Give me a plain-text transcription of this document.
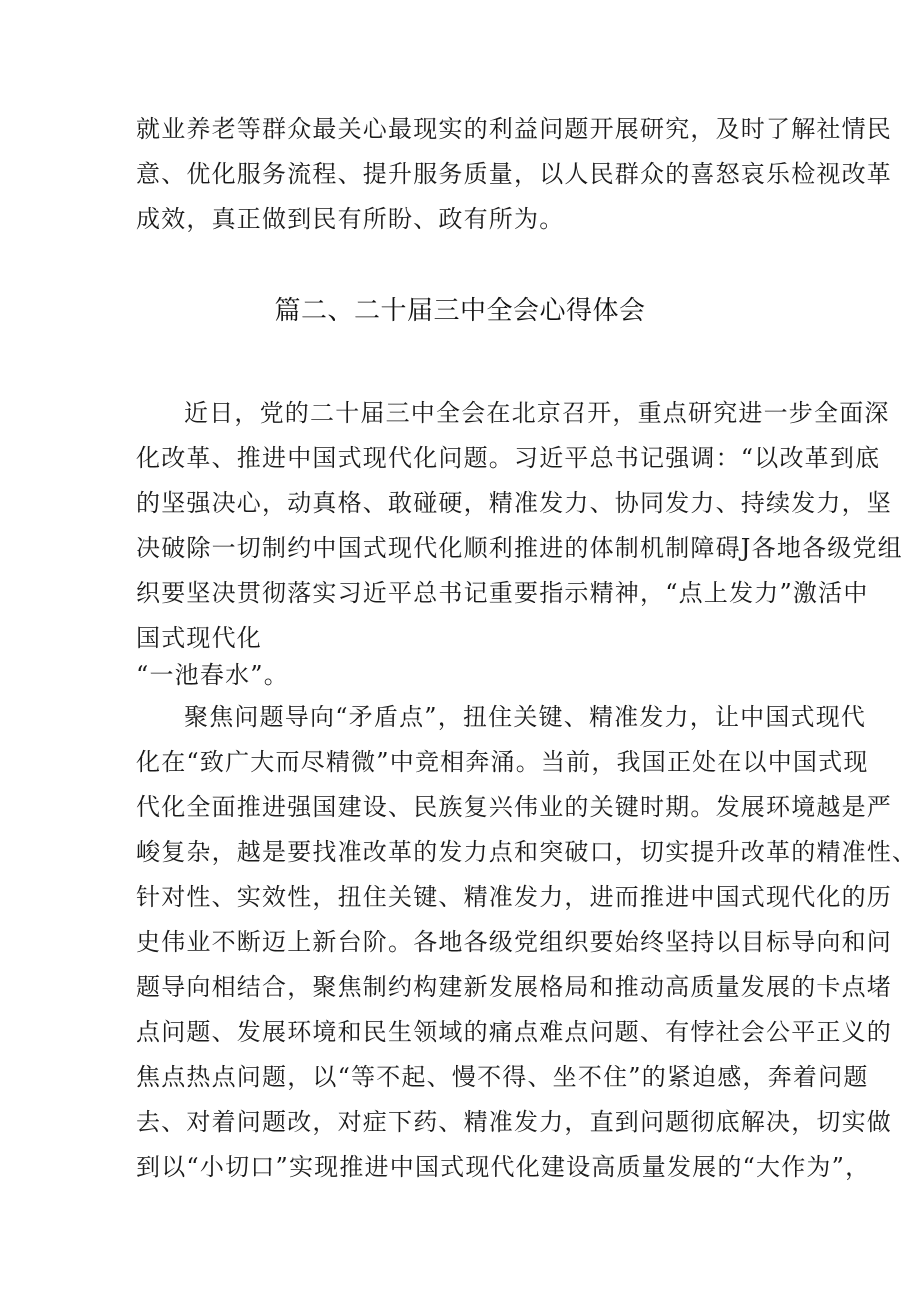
就业养老等群众最关心最现实的利益问题开展研究，及时了解社情民
意、优化服务流程、提升服务质量，以人民群众的喜怒哀乐检视改革
成效，真正做到民有所盼、政有所为。
篇二、二十届三中全会心得体会
近日，党的二十届三中全会在北京召开，重点研究进一步全面深
化改革、推进中国式现代化问题。习近平总书记强调：“以改革到底
的坚强决心，动真格、敢碰硬，精准发力、协同发力、持续发力，坚
决破除一切制约中国式现代化顺利推进的体制机制障碍J各地各级党组
织要坚决贯彻落实习近平总书记重要指示精神，“点上发力”激活中
国式现代化
“一池春水”。
聚焦问题导向“矛盾点”，扭住关键、精准发力，让中国式现代
化在“致广大而尽精微”中竞相奔涌。当前，我国正处在以中国式现
代化全面推进强国建设、民族复兴伟业的关键时期。发展环境越是严
峻复杂，越是要找准改革的发力点和突破口，切实提升改革的精准性、
针对性、实效性，扭住关键、精准发力，进而推进中国式现代化的历
史伟业不断迈上新台阶。各地各级党组织要始终坚持以目标导向和问
题导向相结合，聚焦制约构建新发展格局和推动高质量发展的卡点堵
点问题、发展环境和民生领域的痛点难点问题、有悖社会公平正义的
焦点热点问题，以“等不起、慢不得、坐不住”的紧迫感，奔着问题
去、对着问题改，对症下药、精准发力，直到问题彻底解决，切实做
到以“小切口”实现推进中国式现代化建设高质量发展的“大作为”，
